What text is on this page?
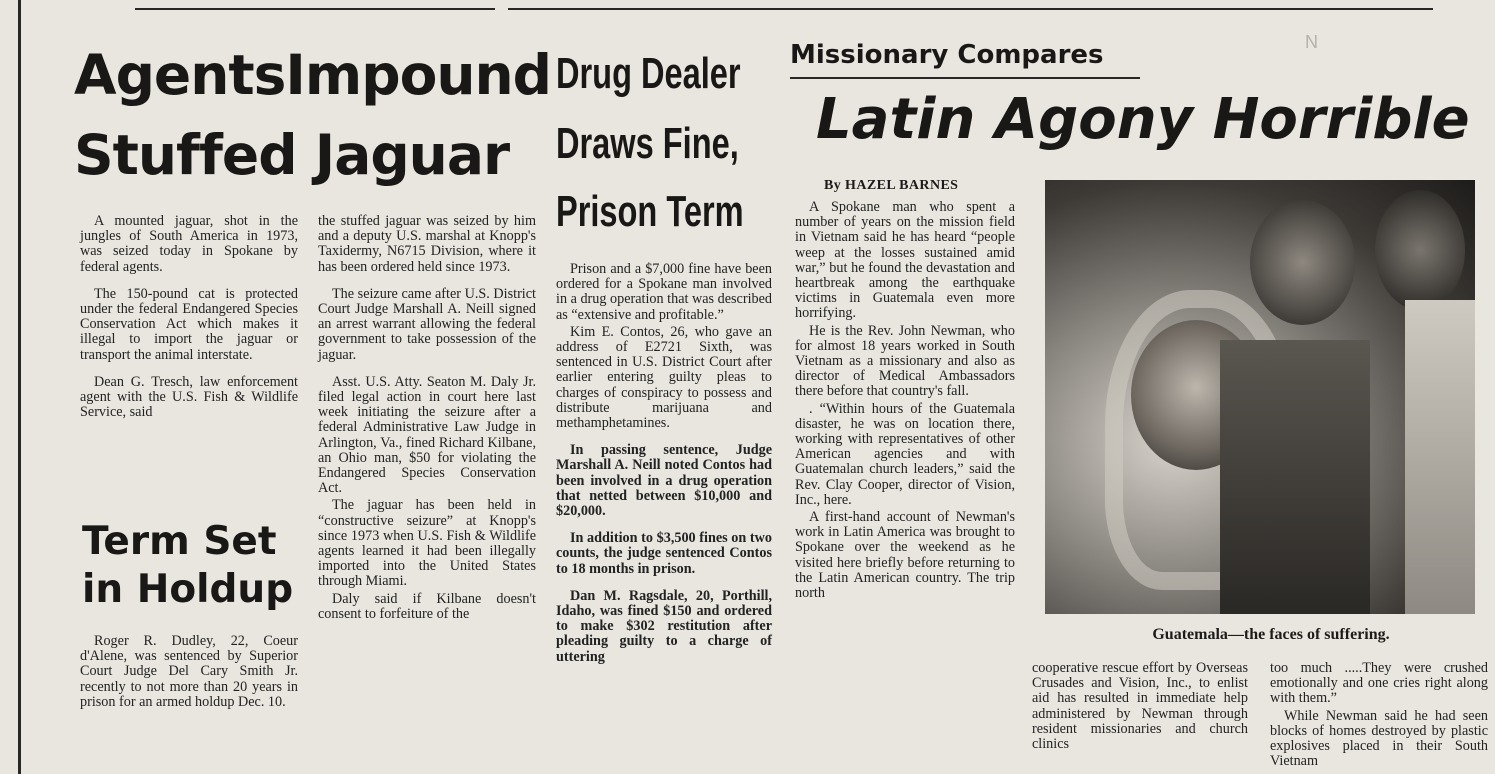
N
AgentsImpound
Stuffed Jaguar

A mounted jaguar, shot in the jungles of South America in 1973, was seized today in Spokane by federal agents.

The 150-pound cat is protected under the federal Endangered Species Conservation Act which makes it illegal to import the jaguar or transport the animal interstate.

Dean G. Tresch, law enforcement agent with the U.S. Fish & Wildlife Service, said

the stuffed jaguar was seized by him and a deputy U.S. marshal at Knopp's Taxidermy, N6715 Division, where it has been ordered held since 1973.

The seizure came after U.S. District Court Judge Marshall A. Neill signed an arrest warrant allowing the federal government to take possession of the jaguar.

Asst. U.S. Atty. Seaton M. Daly Jr. filed legal action in court here last week initiating the seizure after a federal Administrative Law Judge in Arlington, Va., fined Richard Kilbane, an Ohio man, $50 for violating the Endangered Species Conservation Act.

The jaguar has been held in “constructive seizure” at Knopp's since 1973 when U.S. Fish & Wildlife agents learned it had been illegally imported into the United States through Miami.

Daly said if Kilbane doesn't consent to forfeiture of the

Term Set
in Holdup

Roger R. Dudley, 22, Coeur d'Alene, was sentenced by Superior Court Judge Del Cary Smith Jr. recently to not more than 20 years in prison for an armed holdup Dec. 10.

Drug Dealer
Draws Fine,
Prison Term

Prison and a $7,000 fine have been ordered for a Spokane man involved in a drug operation that was described as “extensive and profitable.”

Kim E. Contos, 26, who gave an address of E2721 Sixth, was sentenced in U.S. District Court after earlier entering guilty pleas to charges of conspiracy to possess and distribute marijuana and methamphetamines.

In passing sentence, Judge Marshall A. Neill noted Contos had been involved in a drug operation that netted between $10,000 and $20,000.

In addition to $3,500 fines on two counts, the judge sentenced Contos to 18 months in prison.

Dan M. Ragsdale, 20, Porthill, Idaho, was fined $150 and ordered to make $302 restitution after pleading guilty to a charge of uttering

Missionary Compares
Latin Agony Horrible
By HAZEL BARNES

A Spokane man who spent a number of years on the mission field in Vietnam said he has heard “people weep at the losses sustained amid war,” but he found the devastation and heartbreak among the earthquake victims in Guatemala even more horrifying.

He is the Rev. John Newman, who for almost 18 years worked in South Vietnam as a missionary and also as director of Medical Ambassadors there before that country's fall.

. “Within hours of the Guatemala disaster, he was on location there, working with representatives of other American agencies and with Guatemalan church leaders,” said the Rev. Clay Cooper, director of Vision, Inc., here.

A first-hand account of Newman's work in Latin America was brought to Spokane over the weekend as he visited here briefly before returning to the Latin American country. The trip north

Guatemala—the faces of suffering.

cooperative rescue effort by Overseas Crusades and Vision, Inc., to enlist aid has resulted in immediate help administered by Newman through resident missionaries and church clinics

too much .....They were crushed emotionally and one cries right along with them.”

While Newman said he had seen blocks of homes destroyed by plastic explosives placed in their South Vietnam
